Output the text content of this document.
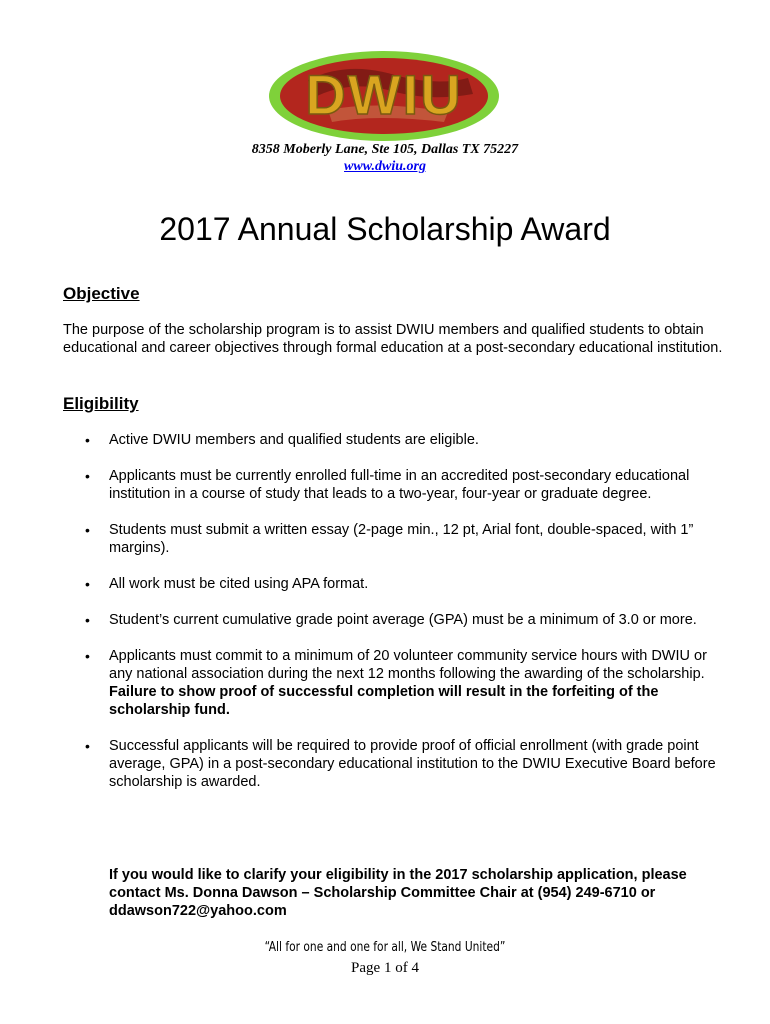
DWIU
8358 Moberly Lane, Ste 105, Dallas TX 75227
www.dwiu.org
2017 Annual Scholarship Award
Objective
The purpose of the scholarship program is to assist DWIU members and qualified students to obtain educational and career objectives through formal education at a post-secondary educational institution.
Eligibility
• Active DWIU members and qualified students are eligible.
• Applicants must be currently enrolled full-time in an accredited post-secondary educational institution in a course of study that leads to a two-year, four-year or graduate degree.
• Students must submit a written essay (2-page min., 12 pt, Arial font, double-spaced, with 1” margins).
• All work must be cited using APA format.
• Student’s current cumulative grade point average (GPA) must be a minimum of 3.0 or more.
• Applicants must commit to a minimum of 20 volunteer community service hours with DWIU or any national association during the next 12 months following the awarding of the scholarship. Failure to show proof of successful completion will result in the forfeiting of the scholarship fund.
• Successful applicants will be required to provide proof of official enrollment (with grade point average, GPA) in a post-secondary educational institution to the DWIU Executive Board before scholarship is awarded.
If you would like to clarify your eligibility in the 2017 scholarship application, please contact Ms. Donna Dawson – Scholarship Committee Chair at (954) 249-6710 or ddawson722@yahoo.com
“All for one and one for all, We Stand United”
Page 1 of 4
